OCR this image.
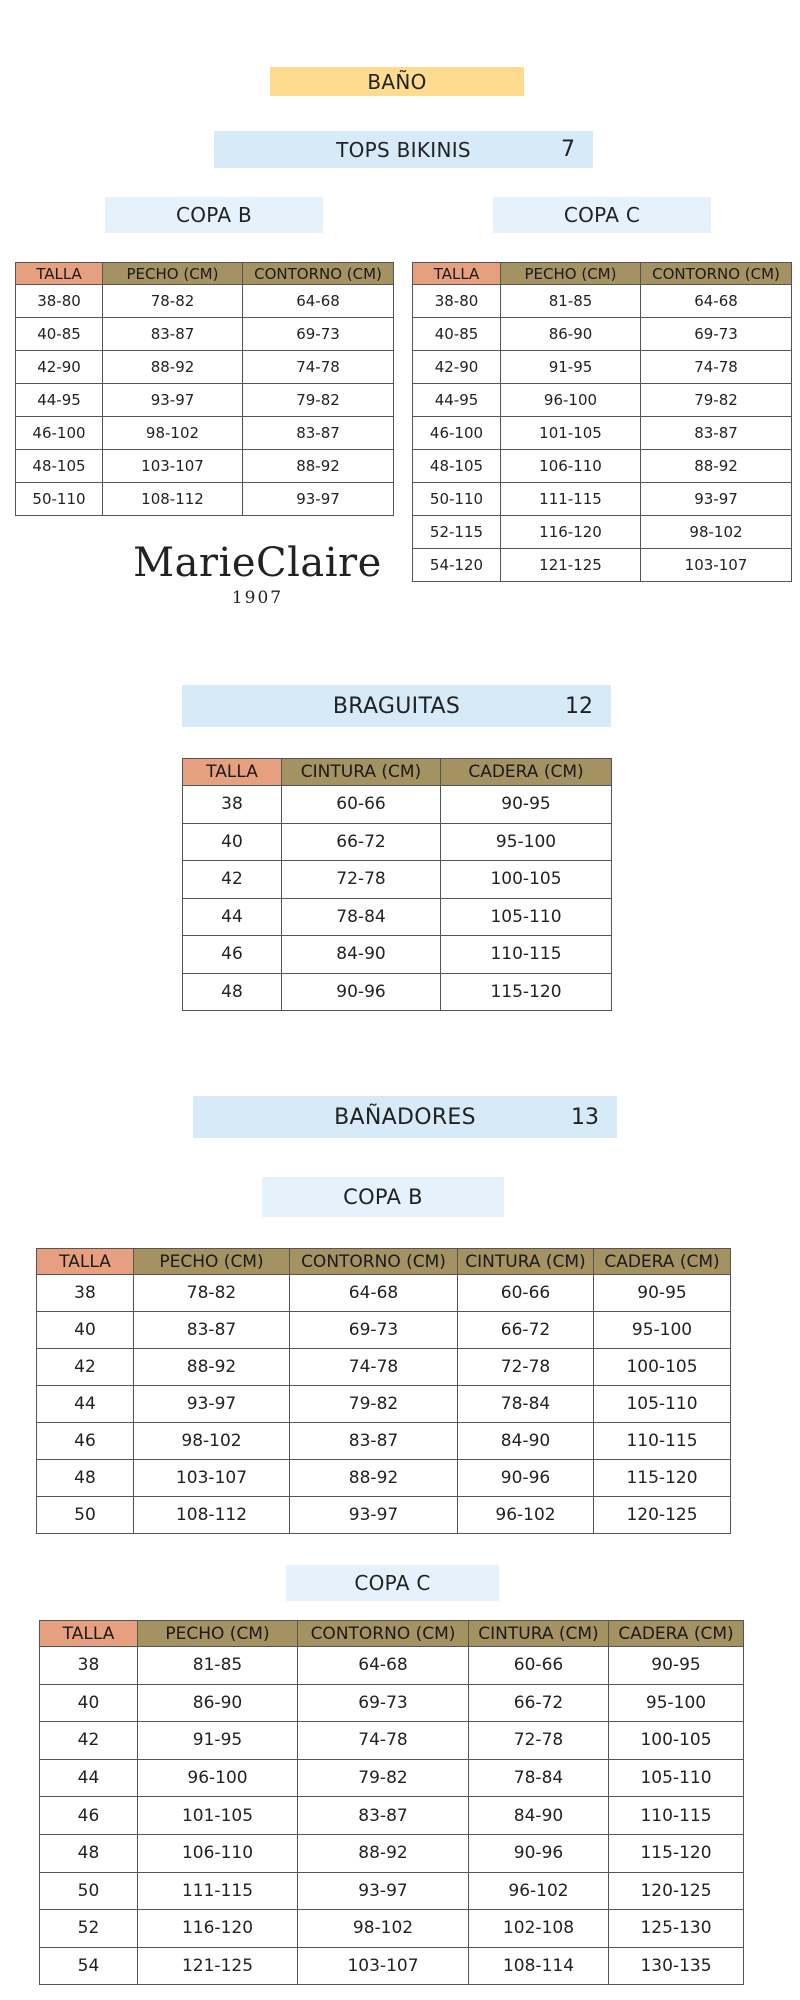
BAÑO
TOPS BIKINIS	7
COPA B	COPA C
TALLA	PECHO (CM)	CONTORNO (CM)
38-80	78-82	64-68
40-85	83-87	69-73
42-90	88-92	74-78
44-95	93-97	79-82
46-100	98-102	83-87
48-105	103-107	88-92
50-110	108-112	93-97
TALLA	PECHO (CM)	CONTORNO (CM)
38-80	81-85	64-68
40-85	86-90	69-73
42-90	91-95	74-78
44-95	96-100	79-82
46-100	101-105	83-87
48-105	106-110	88-92
50-110	111-115	93-97
52-115	116-120	98-102
54-120	121-125	103-107
MarieClaire
1907
BRAGUITAS	12
TALLA	CINTURA (CM)	CADERA (CM)
38	60-66	90-95
40	66-72	95-100
42	72-78	100-105
44	78-84	105-110
46	84-90	110-115
48	90-96	115-120
BAÑADORES	13
COPA B
TALLA	PECHO (CM)	CONTORNO (CM)	CINTURA (CM)	CADERA (CM)
38	78-82	64-68	60-66	90-95
40	83-87	69-73	66-72	95-100
42	88-92	74-78	72-78	100-105
44	93-97	79-82	78-84	105-110
46	98-102	83-87	84-90	110-115
48	103-107	88-92	90-96	115-120
50	108-112	93-97	96-102	120-125
COPA C
TALLA	PECHO (CM)	CONTORNO (CM)	CINTURA (CM)	CADERA (CM)
38	81-85	64-68	60-66	90-95
40	86-90	69-73	66-72	95-100
42	91-95	74-78	72-78	100-105
44	96-100	79-82	78-84	105-110
46	101-105	83-87	84-90	110-115
48	106-110	88-92	90-96	115-120
50	111-115	93-97	96-102	120-125
52	116-120	98-102	102-108	125-130
54	121-125	103-107	108-114	130-135
